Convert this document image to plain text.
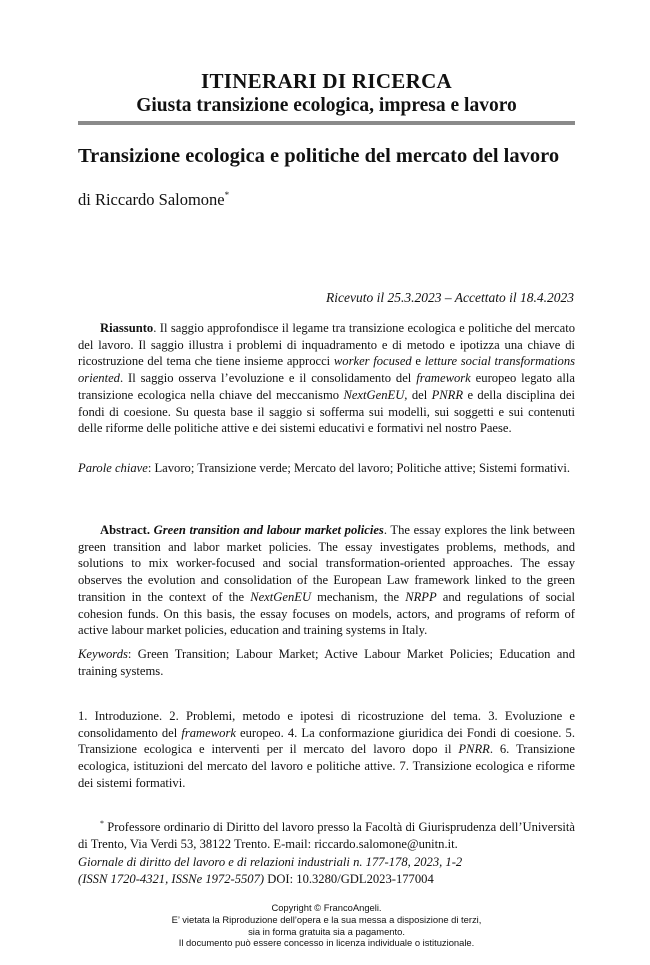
ITINERARI DI RICERCA
Giusta transizione ecologica, impresa e lavoro
Transizione ecologica e politiche del mercato del lavoro
di Riccardo Salomone*
Ricevuto il 25.3.2023 – Accettato il 18.4.2023

Riassunto. Il saggio approfondisce il legame tra transizione ecologica e politiche del mercato del lavoro. Il saggio illustra i problemi di inquadramento e di metodo e ipotizza una chiave di ricostruzione del tema che tiene insieme approcci worker focused e letture social transformations oriented. Il saggio osserva l’evoluzione e il consolidamento del framework europeo legato alla transizione ecologica nella chiave del meccanismo NextGenEU, del PNRR e della disciplina dei fondi di coesione. Su questa base il saggio si sofferma sui modelli, sui soggetti e sui contenuti delle riforme delle politiche attive e dei sistemi educativi e formativi nel nostro Paese.

Parole chiave: Lavoro; Transizione verde; Mercato del lavoro; Politiche attive; Sistemi formativi.

Abstract. Green transition and labour market policies. The essay explores the link between green transition and labor market policies. The essay investigates problems, methods, and solutions to mix worker-focused and social transformation-oriented approaches. The essay observes the evolution and consolidation of the European Law framework linked to the green transition in the context of the NextGenEU mechanism, the NRPP and regulations of social cohesion funds. On this basis, the essay focuses on models, actors, and programs of reform of active labour market policies, education and training systems in Italy.

Keywords: Green Transition; Labour Market; Active Labour Market Policies; Education and training systems.

1. Introduzione. 2. Problemi, metodo e ipotesi di ricostruzione del tema. 3. Evoluzione e consolidamento del framework europeo. 4. La conformazione giuridica dei Fondi di coesione. 5. Transizione ecologica e interventi per il mercato del lavoro dopo il PNRR. 6. Transizione ecologica, istituzioni del mercato del lavoro e politiche attive. 7. Transizione ecologica e riforme dei sistemi formativi.

* Professore ordinario di Diritto del lavoro presso la Facoltà di Giurisprudenza dell’Università di Trento, Via Verdi 53, 38122 Trento. E-mail: riccardo.salomone@unitn.it.

Giornale di diritto del lavoro e di relazioni industriali n. 177-178, 2023, 1-2

(ISSN 1720-4321, ISSNe 1972-5507) DOI: 10.3280/GDL2023-177004

Copyright © FrancoAngeli.
E’ vietata la Riproduzione dell’opera e la sua messa a disposizione di terzi,
sia in forma gratuita sia a pagamento.
Il documento può essere concesso in licenza individuale o istituzionale.
